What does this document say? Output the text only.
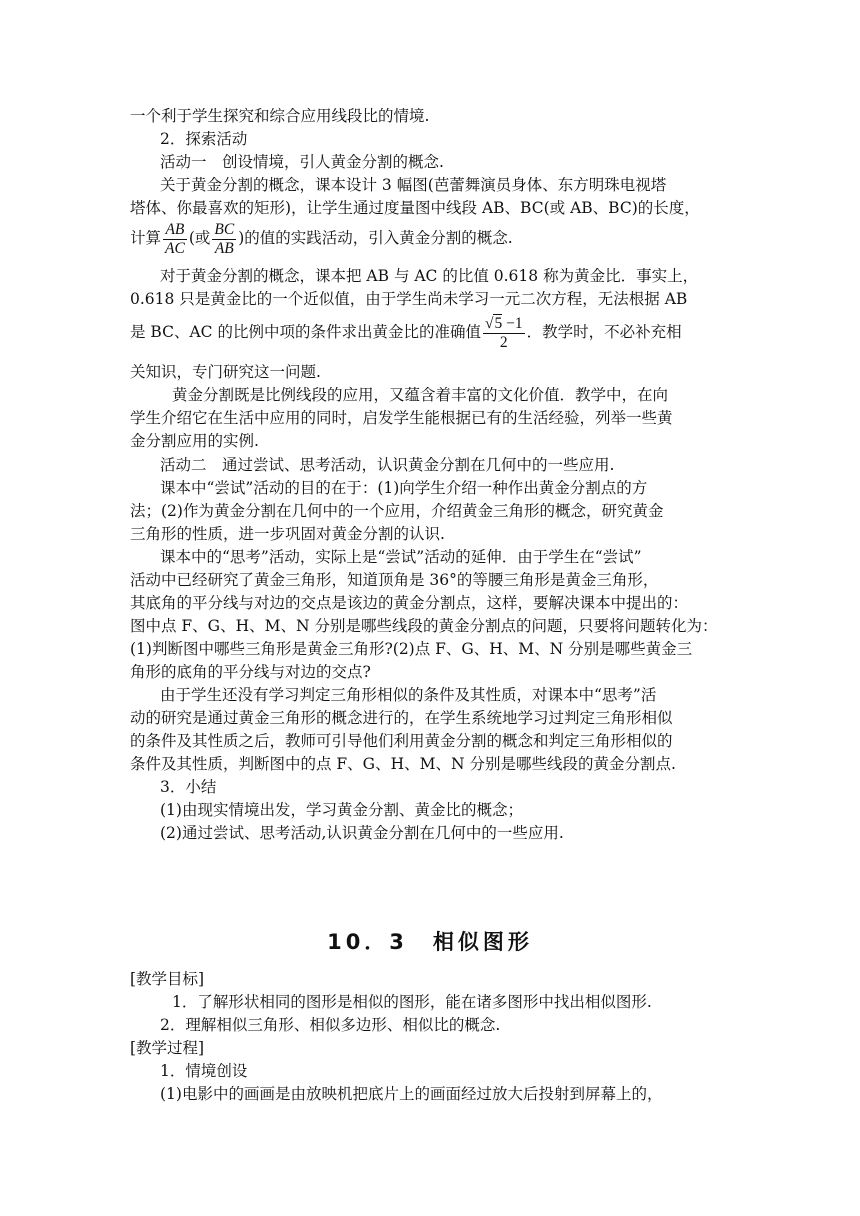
一个利于学生探究和综合应用线段比的情境.
2．探索活动
活动一　创设情境，引人黄金分割的概念.
关于黄金分割的概念，课本设计 3 幅图(芭蕾舞演员身体、东方明珠电视塔
塔体、你最喜欢的矩形)，让学生通过度量图中线段 AB、BC(或 AB、BC)的长度，
计算 $\frac{AB}{AC}$ (或 $\frac{BC}{AB}$ )的值的实践活动，引入黄金分割的概念.
对于黄金分割的概念，课本把 AB 与 AC 的比值 0.618 称为黄金比．事实上，
0.618 只是黄金比的一个近似值，由于学生尚未学习一元二次方程，无法根据 AB
是 BC、AC 的比例中项的条件求出黄金比的准确值 $\frac{√5 -1}{2}$ ．教学时，不必补充相
关知识，专门研究这一问题.
黄金分割既是比例线段的应用，又蕴含着丰富的文化价值．教学中，在向
学生介绍它在生活中应用的同时，启发学生能根据已有的生活经验，列举一些黄
金分割应用的实例.
活动二　通过尝试、思考活动，认识黄金分割在几何中的一些应用.
课本中“尝试”活动的目的在于：(1)向学生介绍一种作出黄金分割点的方
法；(2)作为黄金分割在几何中的一个应用，介绍黄金三角形的概念，研究黄金
三角形的性质，进一步巩固对黄金分割的认识.
课本中的“思考”活动，实际上是“尝试”活动的延伸．由于学生在“尝试”
活动中已经研究了黄金三角形，知道顶角是 36°的等腰三角形是黄金三角形，
其底角的平分线与对边的交点是该边的黄金分割点，这样，要解决课本中提出的：
图中点 F、G、H、M、N 分别是哪些线段的黄金分割点的问题，只要将问题转化为：
(1)判断图中哪些三角形是黄金三角形?(2)点 F、G、H、M、N 分别是哪些黄金三
角形的底角的平分线与对边的交点?
由于学生还没有学习判定三角形相似的条件及其性质，对课本中“思考”活
动的研究是通过黄金三角形的概念进行的，在学生系统地学习过判定三角形相似
的条件及其性质之后，教师可引导他们利用黄金分割的概念和判定三角形相似的
条件及其性质，判断图中的点 F、G、H、M、N 分别是哪些线段的黄金分割点.
3．小结
(1)由现实情境出发，学习黄金分割、黄金比的概念；
(2)通过尝试、思考活动,认识黄金分割在几何中的一些应用.
10．3　相似图形
[教学目标]
1．了解形状相同的图形是相似的图形，能在诸多图形中找出相似图形.
2．理解相似三角形、相似多边形、相似比的概念.
[教学过程]
1．情境创设
(1)电影中的画画是由放映机把底片上的画面经过放大后投射到屏幕上的，
